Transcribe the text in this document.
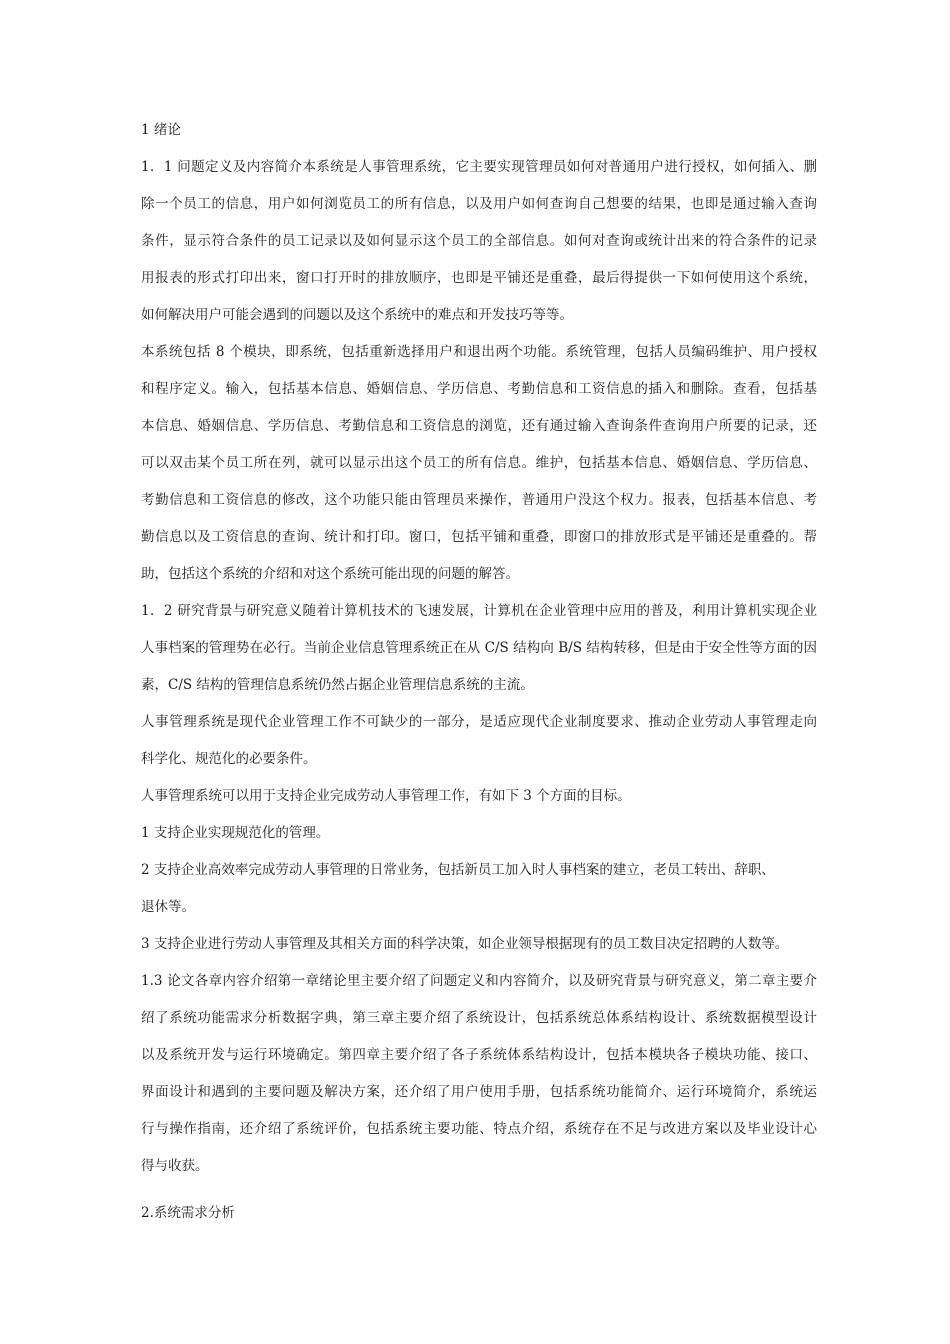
1 绪论
1．1 问题定义及内容简介本系统是人事管理系统，它主要实现管理员如何对普通用户进行授权，如何插入、删
除一个员工的信息，用户如何浏览员工的所有信息，以及用户如何查询自己想要的结果，也即是通过输入查询
条件，显示符合条件的员工记录以及如何显示这个员工的全部信息。如何对查询或统计出来的符合条件的记录
用报表的形式打印出来，窗口打开时的排放顺序，也即是平铺还是重叠，最后得提供一下如何使用这个系统，
如何解决用户可能会遇到的问题以及这个系统中的难点和开发技巧等等。
本系统包括 8 个模块，即系统，包括重新选择用户和退出两个功能。系统管理，包括人员编码维护、用户授权
和程序定义。输入，包括基本信息、婚姻信息、学历信息、考勤信息和工资信息的插入和删除。查看，包括基
本信息、婚姻信息、学历信息、考勤信息和工资信息的浏览，还有通过输入查询条件查询用户所要的记录，还
可以双击某个员工所在列，就可以显示出这个员工的所有信息。维护，包括基本信息、婚姻信息、学历信息、
考勤信息和工资信息的修改，这个功能只能由管理员来操作，普通用户没这个权力。报表，包括基本信息、考
勤信息以及工资信息的查询、统计和打印。窗口，包括平铺和重叠，即窗口的排放形式是平铺还是重叠的。帮
助，包括这个系统的介绍和对这个系统可能出现的问题的解答。
1．2 研究背景与研究意义随着计算机技术的飞速发展，计算机在企业管理中应用的普及，利用计算机实现企业
人事档案的管理势在必行。当前企业信息管理系统正在从 C/S 结构向 B/S 结构转移，但是由于安全性等方面的因
素，C/S 结构的管理信息系统仍然占据企业管理信息系统的主流。
人事管理系统是现代企业管理工作不可缺少的一部分，是适应现代企业制度要求、推动企业劳动人事管理走向
科学化、规范化的必要条件。
人事管理系统可以用于支持企业完成劳动人事管理工作，有如下 3 个方面的目标。
1 支持企业实现规范化的管理。
2 支持企业高效率完成劳动人事管理的日常业务，包括新员工加入时人事档案的建立，老员工转出、辞职、
退休等。
3 支持企业进行劳动人事管理及其相关方面的科学决策，如企业领导根据现有的员工数目决定招聘的人数等。
1.3 论文各章内容介绍第一章绪论里主要介绍了问题定义和内容简介，以及研究背景与研究意义，第二章主要介
绍了系统功能需求分析数据字典，第三章主要介绍了系统设计，包括系统总体系结构设计、系统数据模型设计
以及系统开发与运行环境确定。第四章主要介绍了各子系统体系结构设计，包括本模块各子模块功能、接口、
界面设计和遇到的主要问题及解决方案，还介绍了用户使用手册，包括系统功能简介、运行环境简介，系统运
行与操作指南，还介绍了系统评价，包括系统主要功能、特点介绍，系统存在不足与改进方案以及毕业设计心
得与收获。
2.系统需求分析
